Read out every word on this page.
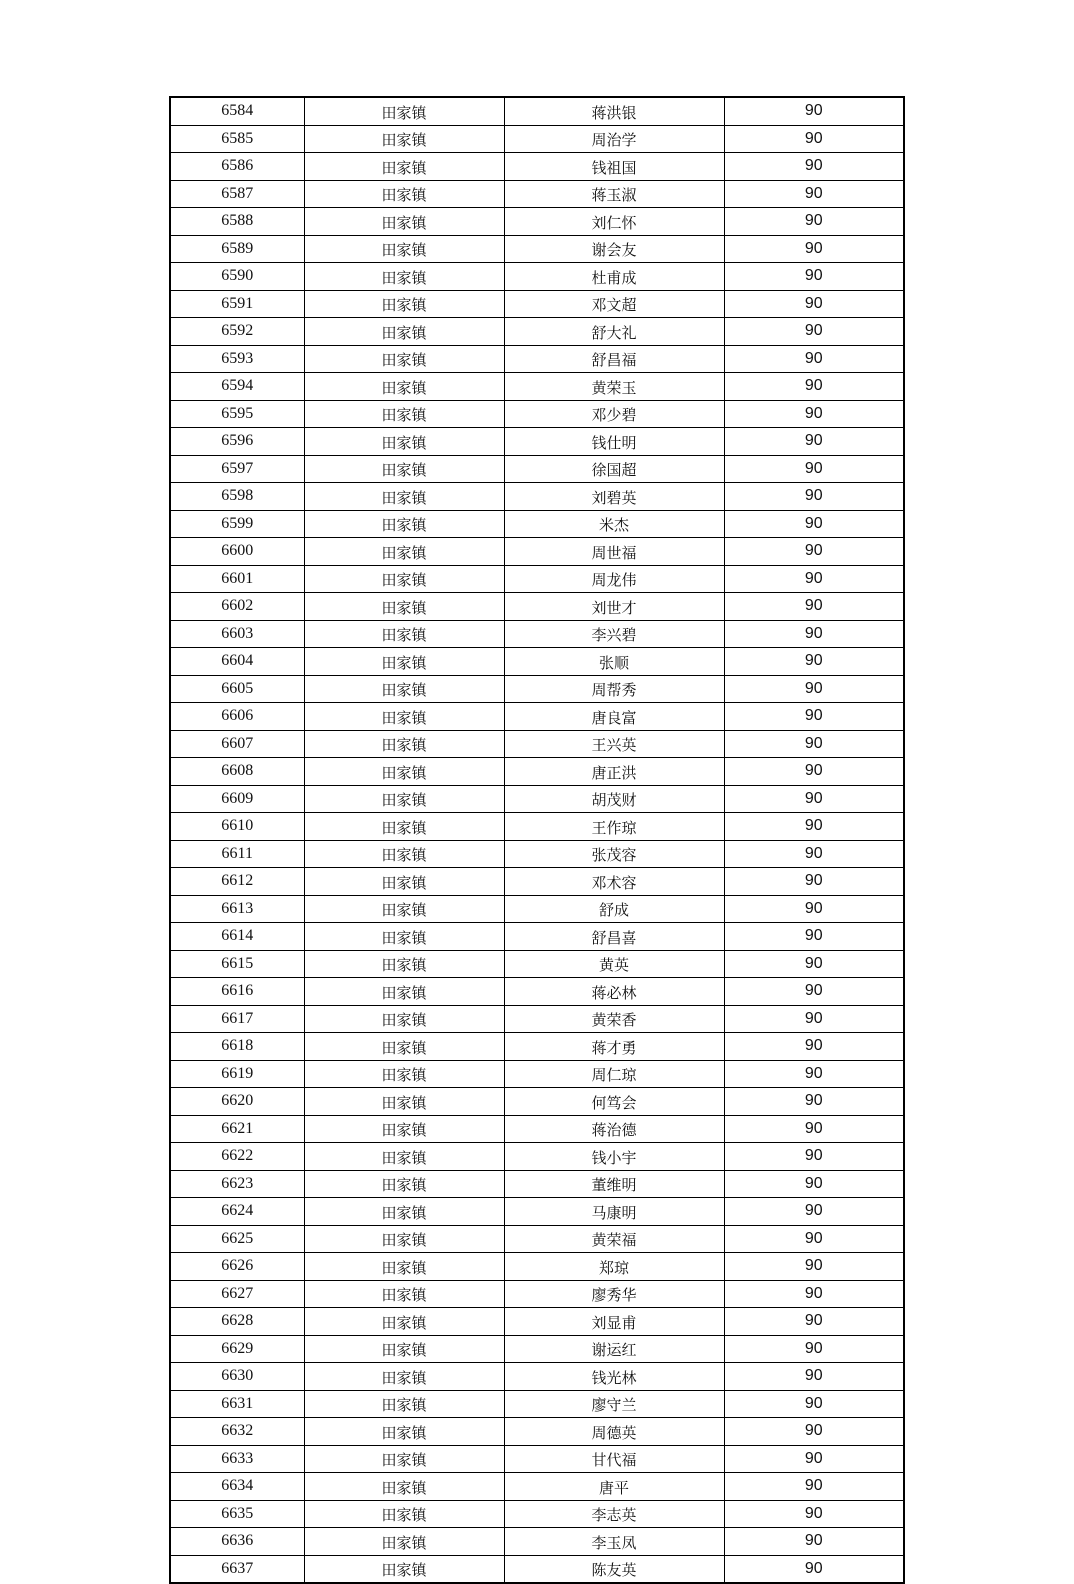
6584	田家镇	蒋洪银	90
6585	田家镇	周治学	90
6586	田家镇	钱祖国	90
6587	田家镇	蒋玉淑	90
6588	田家镇	刘仁怀	90
6589	田家镇	谢会友	90
6590	田家镇	杜甫成	90
6591	田家镇	邓文超	90
6592	田家镇	舒大礼	90
6593	田家镇	舒昌福	90
6594	田家镇	黄荣玉	90
6595	田家镇	邓少碧	90
6596	田家镇	钱仕明	90
6597	田家镇	徐国超	90
6598	田家镇	刘碧英	90
6599	田家镇	米杰	90
6600	田家镇	周世福	90
6601	田家镇	周龙伟	90
6602	田家镇	刘世才	90
6603	田家镇	李兴碧	90
6604	田家镇	张顺	90
6605	田家镇	周帮秀	90
6606	田家镇	唐良富	90
6607	田家镇	王兴英	90
6608	田家镇	唐正洪	90
6609	田家镇	胡茂财	90
6610	田家镇	王作琼	90
6611	田家镇	张茂容	90
6612	田家镇	邓术容	90
6613	田家镇	舒成	90
6614	田家镇	舒昌喜	90
6615	田家镇	黄英	90
6616	田家镇	蒋必林	90
6617	田家镇	黄荣香	90
6618	田家镇	蒋才勇	90
6619	田家镇	周仁琼	90
6620	田家镇	何笃会	90
6621	田家镇	蒋治德	90
6622	田家镇	钱小宇	90
6623	田家镇	董维明	90
6624	田家镇	马康明	90
6625	田家镇	黄荣福	90
6626	田家镇	郑琼	90
6627	田家镇	廖秀华	90
6628	田家镇	刘显甫	90
6629	田家镇	谢运红	90
6630	田家镇	钱光林	90
6631	田家镇	廖守兰	90
6632	田家镇	周德英	90
6633	田家镇	甘代福	90
6634	田家镇	唐平	90
6635	田家镇	李志英	90
6636	田家镇	李玉凤	90
6637	田家镇	陈友英	90
